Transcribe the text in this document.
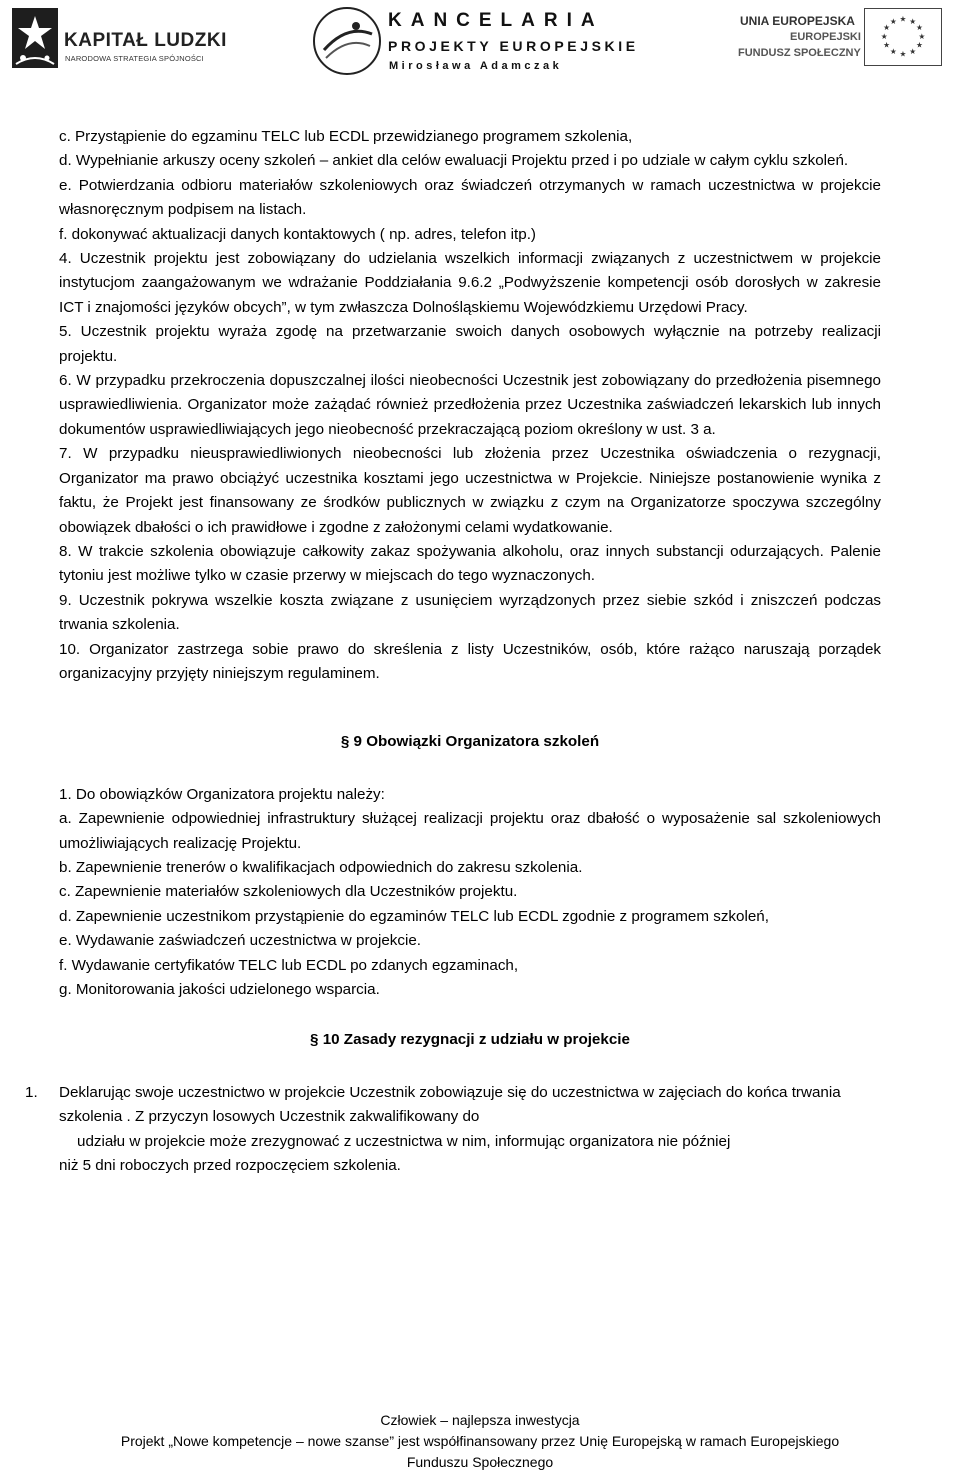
KAPITAŁ LUDZKI
NARODOWA STRATEGIA SPÓJNOŚCI
KANCELARIA
PROJEKTY EUROPEJSKIE
Mirosława Adamczak
UNIA EUROPEJSKA
EUROPEJSKI
FUNDUSZ SPOŁECZNY
★ ★
★
★
★
★
★
★
★
★
★
★

c. Przystąpienie do egzaminu TELC lub ECDL przewidzianego programem szkolenia,

d. Wypełnianie arkuszy oceny szkoleń – ankiet dla celów ewaluacji Projektu przed i po udziale w całym cyklu szkoleń.

e. Potwierdzania odbioru materiałów szkoleniowych oraz świadczeń otrzymanych w ramach uczestnictwa w projekcie własnoręcznym podpisem na listach.

f. dokonywać aktualizacji danych kontaktowych ( np. adres, telefon itp.)

4. Uczestnik projektu jest zobowiązany do udzielania wszelkich informacji związanych z uczestnictwem w projekcie instytucjom zaangażowanym we wdrażanie Poddziałania 9.6.2 „Podwyższenie kompetencji osób dorosłych w zakresie ICT i znajomości języków obcych”, w tym zwłaszcza Dolnośląskiemu Wojewódzkiemu Urzędowi Pracy.

5. Uczestnik projektu wyraża zgodę na przetwarzanie swoich danych osobowych wyłącznie na potrzeby realizacji projektu.

6. W przypadku przekroczenia dopuszczalnej ilości nieobecności Uczestnik jest zobowiązany do przedłożenia pisemnego usprawiedliwienia. Organizator może zażądać również przedłożenia przez Uczestnika zaświadczeń lekarskich lub innych dokumentów usprawiedliwiających jego nieobecność przekraczającą poziom określony w ust. 3 a.

7. W przypadku nieusprawiedliwionych nieobecności lub złożenia przez Uczestnika oświadczenia o rezygnacji, Organizator ma prawo obciążyć uczestnika kosztami jego uczestnictwa w Projekcie. Niniejsze postanowienie wynika z faktu, że Projekt jest finansowany ze środków publicznych w związku z czym na Organizatorze spoczywa szczególny obowiązek dbałości o ich prawidłowe i zgodne z założonymi celami wydatkowanie.

8. W trakcie szkolenia obowiązuje całkowity zakaz spożywania alkoholu, oraz innych substancji odurzających. Palenie tytoniu jest możliwe tylko w czasie przerwy w miejscach do tego wyznaczonych.

9. Uczestnik pokrywa wszelkie koszta związane z usunięciem wyrządzonych przez siebie szkód i zniszczeń podczas trwania szkolenia.

10. Organizator zastrzega sobie prawo do skreślenia z listy Uczestników, osób, które rażąco naruszają porządek organizacyjny przyjęty niniejszym regulaminem.

§ 9 Obowiązki Organizatora szkoleń

1. Do obowiązków Organizatora projektu należy:

a. Zapewnienie odpowiedniej infrastruktury służącej realizacji projektu oraz dbałość o wyposażenie sal szkoleniowych umożliwiających realizację Projektu.

b. Zapewnienie trenerów o kwalifikacjach odpowiednich do zakresu szkolenia.

c. Zapewnienie materiałów szkoleniowych dla Uczestników projektu.

d. Zapewnienie uczestnikom przystąpienie do egzaminów TELC lub ECDL zgodnie z programem szkoleń,

e. Wydawanie zaświadczeń uczestnictwa w projekcie.

f. Wydawanie certyfikatów TELC lub ECDL po zdanych egzaminach,

g. Monitorowania jakości udzielonego wsparcia.

§ 10 Zasady rezygnacji z udziału w projekcie

1. Deklarując swoje uczestnictwo w projekcie Uczestnik zobowiązuje się do uczestnictwa w zajęciach do końca trwania szkolenia . Z przyczyn losowych Uczestnik zakwalifikowany do

udziału w projekcie może zrezygnować z uczestnictwa w nim, informując organizatora nie później

niż 5 dni roboczych przed rozpoczęciem szkolenia.

Człowiek – najlepsza inwestycja
Projekt „Nowe kompetencje – nowe szanse” jest współfinansowany przez Unię Europejską w ramach Europejskiego
Funduszu Społecznego
